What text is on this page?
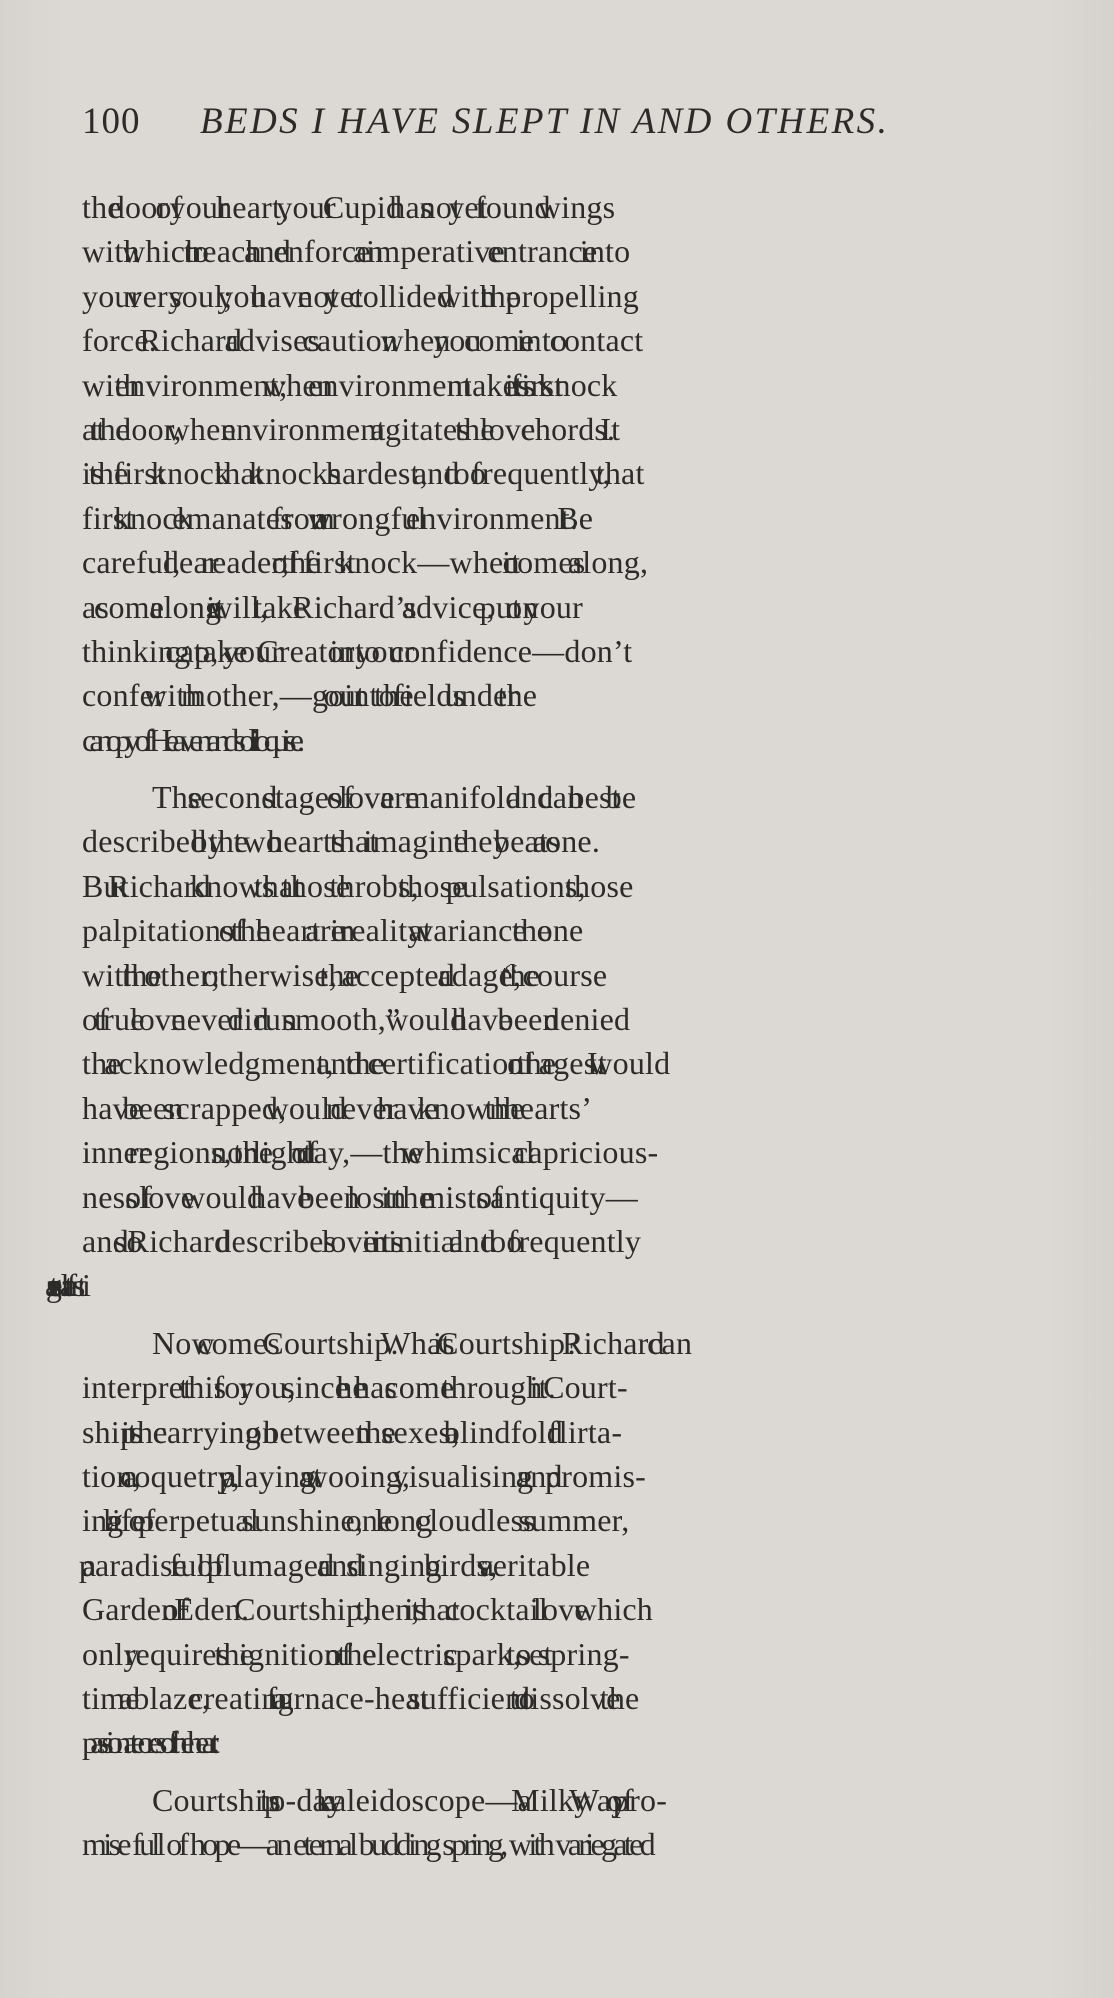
100 BEDS I HAVE SLEPT IN AND OTHERS.
the door of your heart, your Cupid has not yet found wings
with which to reach and enforce an imperative entrance into
your very soul; you have not yet collided with the propelling
force. Richard advises caution when you come into contact
with environment; when environment makes its first knock
at the door, when environment agitates the love chords. It
is the first knock that knocks hardest, and too frequently, that
first knock emanates from a wrongful environment. Be
careful, dear reader, of the first knock—when it comes along,
as come along it will, take Richard’s advice, put on your
thinking cap, take your Creator into your confidence—don’t
confer with mother,—go out into the fields under the
canopy of Heaven and soliloquise.
The second stages of love are manifold and can best be
described by the two hearts that imagine they beat as one.
But Richard knows that those throbs, those pulsations, those
palpitations of the heart are in reality at variance the one
with the other; otherwise, the accepted adage, “ the course
of true love never did run smooth,” would have been denied
the acknowledgment, and the certification of the ages. It would
have been scrapped, would never have known the hearts’
inner regions, nor the light of day,—the whimsical capricious-
ness of love would have been lost in the mists of antiquity—
and so Richard describes love in its initial and too frequently
Now comes Courtship. What is Courtship? Richard can
interpret this for you, since he has come through it. Court-
ship is the carrying on between the sexes, a blindfold flirta-
tion, a coquetry, a playing at wooing, visualising and promis-
ing a life of perpetual sunshine, one long cloudless summer,
a paradise full of plumaged and singing birds, a veritable
Garden of Eden. Courtship, then, is that cocktail love which
only requires the ignition of the electric spark, to set spring-
time ablaze, creating a furnace-heat sufficient to dissolve the
passionate ores of the heart.
Courtship is to-day a kaleidoscope—a Milky Way of pro-
mise full of hope—an eternal budding spring, with variegated
